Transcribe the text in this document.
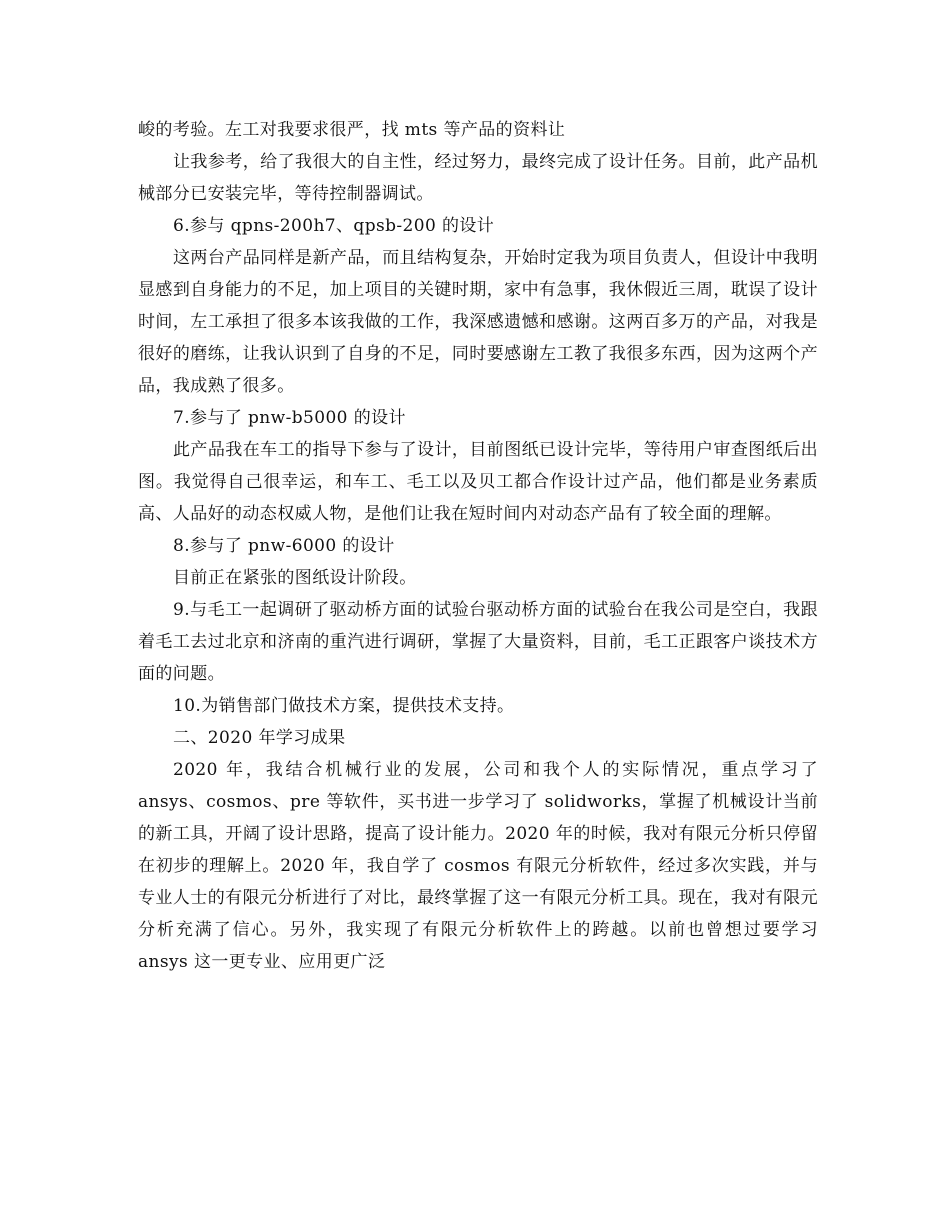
峻的考验。左工对我要求很严，找 mts 等产品的资料让

让我参考，给了我很大的自主性，经过努力，最终完成了设计任务。目前，此产品机械部分已安装完毕，等待控制器调试。

6.参与 qpns-200h7、qpsb-200 的设计

这两台产品同样是新产品，而且结构复杂，开始时定我为项目负责人，但设计中我明显感到自身能力的不足，加上项目的关键时期，家中有急事，我休假近三周，耽误了设计时间，左工承担了很多本该我做的工作，我深感遗憾和感谢。这两百多万的产品，对我是很好的磨练，让我认识到了自身的不足，同时要感谢左工教了我很多东西，因为这两个产品，我成熟了很多。

7.参与了 pnw-b5000 的设计

此产品我在车工的指导下参与了设计，目前图纸已设计完毕，等待用户审查图纸后出图。我觉得自己很幸运，和车工、毛工以及贝工都合作设计过产品，他们都是业务素质高、人品好的动态权威人物，是他们让我在短时间内对动态产品有了较全面的理解。

8.参与了 pnw-6000 的设计

目前正在紧张的图纸设计阶段。

9.与毛工一起调研了驱动桥方面的试验台驱动桥方面的试验台在我公司是空白，我跟着毛工去过北京和济南的重汽进行调研，掌握了大量资料，目前，毛工正跟客户谈技术方面的问题。

10.为销售部门做技术方案，提供技术支持。

二、2020 年学习成果

2020 年，我结合机械行业的发展，公司和我个人的实际情况，重点学习了 ansys、cosmos、pre 等软件，买书进一步学习了 solidworks，掌握了机械设计当前的新工具，开阔了设计思路，提高了设计能力。2020 年的时候，我对有限元分析只停留在初步的理解上。2020 年，我自学了 cosmos 有限元分析软件，经过多次实践，并与专业人士的有限元分析进行了对比，最终掌握了这一有限元分析工具。现在，我对有限元分析充满了信心。另外，我实现了有限元分析软件上的跨越。以前也曾想过要学习 ansys 这一更专业、应用更广泛
